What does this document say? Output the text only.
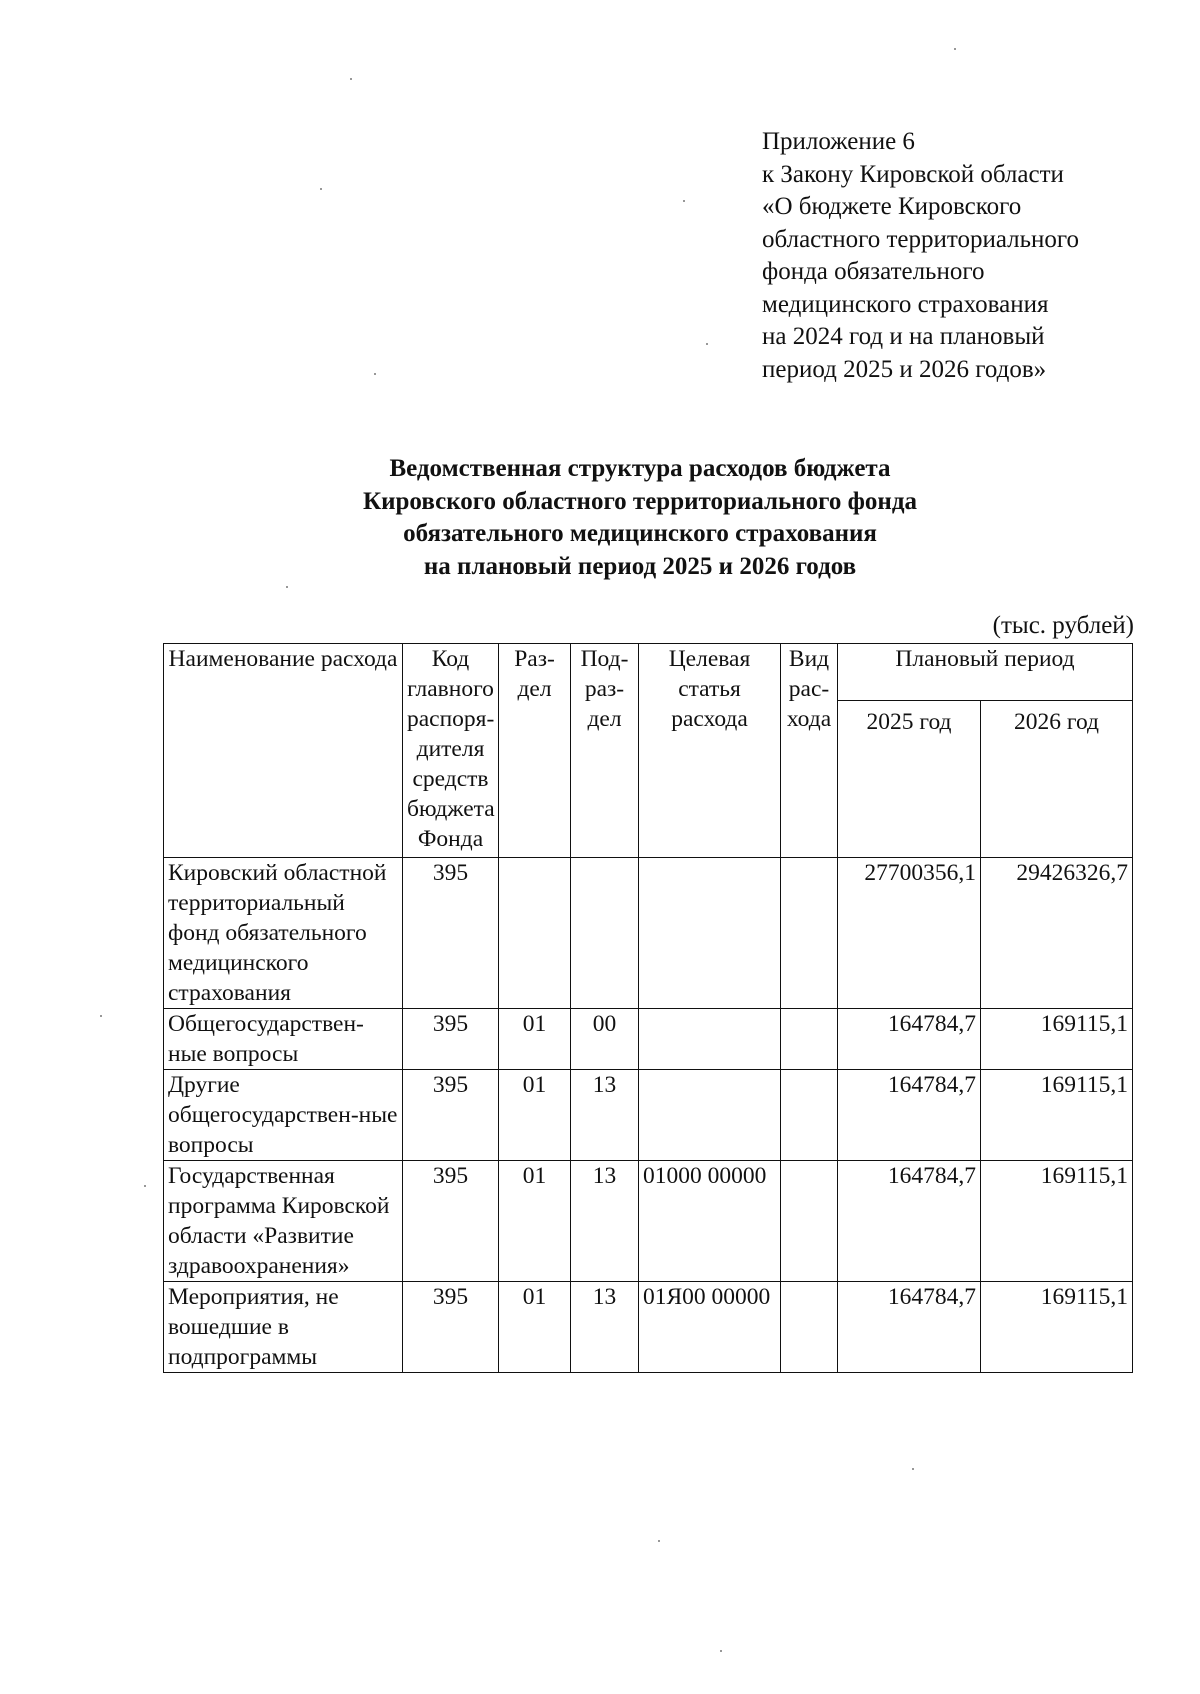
Приложение 6
к Закону Кировской области
«О бюджете Кировского
областного территориального
фонда обязательного
медицинского страхования
на 2024 год и на плановый
период 2025 и 2026 годов»
Ведомственная структура расходов бюджета
Кировского областного территориального фонда
обязательного медицинского страхования
на плановый период 2025 и 2026 годов
(тыс. рублей)
Наименование расхода	Код главного распоря-дителя средств бюджета Фонда	Раз-дел	Под-раз-дел	Целевая статья расхода	Вид рас-хода	Плановый период	
						2025 год	2026 год
Кировский областной территориальный фонд обязательного медицинского страхования	395					27700356,1	29426326,7
Общегосударствен-ные вопросы	395	01	00			164784,7	169115,1
Другие общегосударствен-ные вопросы	395	01	13			164784,7	169115,1
Государственная программа Кировской области «Развитие здравоохранения»	395	01	13	01000 00000		164784,7	169115,1
Мероприятия, не вошедшие в подпрограммы	395	01	13	01Я00 00000		164784,7	169115,1
